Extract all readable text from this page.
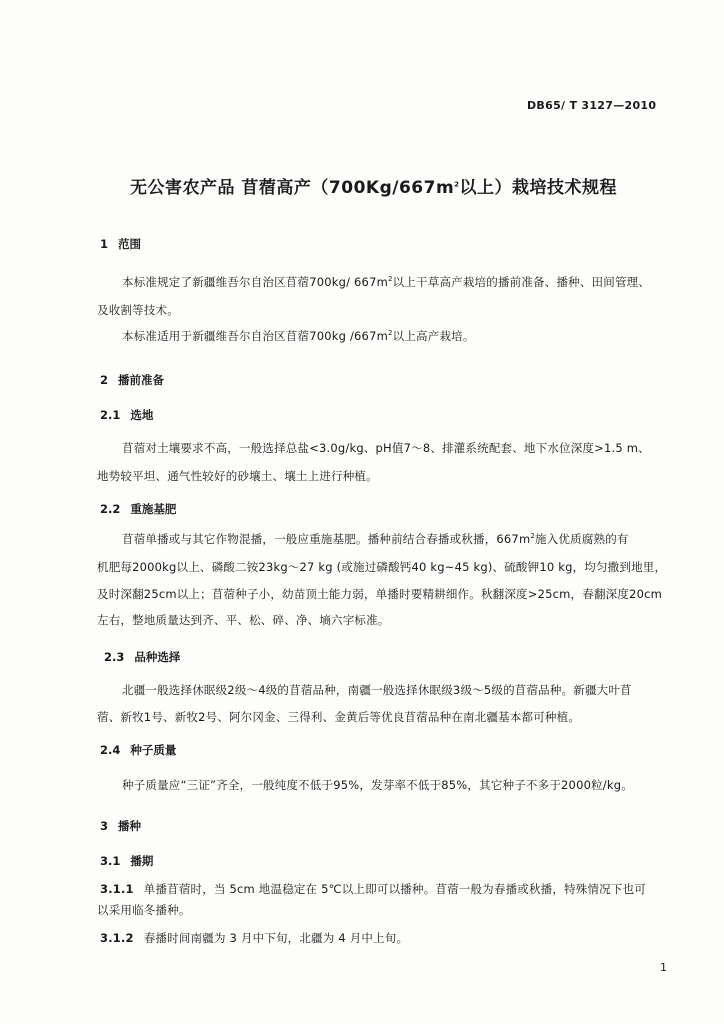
DB65/ T 3127—2010
无公害农产品 苜蓿高产（$700Kg/667m^2$以上）栽培技术规程
1 范围
本标准规定了新疆维吾尔自治区苜蓿700kg/ $667m^2$以上干草高产栽培的播前准备、播种、田间管理、
及收割等技术。
本标准适用于新疆维吾尔自治区苜蓿700kg $/667m^2$以上高产栽培。
2 播前准备
2.1 选地
苜蓿对土壤要求不高，一般选择总盐<3.0g/kg、pH值7～8、排灌系统配套、地下水位深度>1.5 m、
地势较平坦、通气性较好的砂壤土、壤土上进行种植。
2.2 重施基肥
苜蓿单播或与其它作物混播，一般应重施基肥。播种前结合春播或秋播，$667m^2$施入优质腐熟的有
机肥每2000kg以上、磷酸二铵23kg～27 kg (或施过磷酸钙40 kg~45 kg)、硫酸钾10 kg，均匀撒到地里，
及时深翻25cm以上；苜蓿种子小，幼苗顶土能力弱，单播时要精耕细作。秋翻深度>25cm，春翻深度20cm
左右，整地质量达到齐、平、松、碎、净、墒六字标准。
2.3 品种选择
北疆一般选择休眠级2级～4级的苜蓿品种，南疆一般选择休眠级3级～5级的苜蓿品种。新疆大叶苜
蓿、新牧1号、新牧2号、阿尔冈金、三得利、金黄后等优良苜蓿品种在南北疆基本都可种植。
2.4 种子质量
种子质量应“三证”齐全，一般纯度不低于95%，发芽率不低于85%，其它种子不多于2000粒/kg。
3 播种
3.1 播期
3.1.1 单播苜蓿时，当 5cm 地温稳定在 5℃以上即可以播种。苜蓿一般为春播或秋播，特殊情况下也可
以采用临冬播种。
3.1.2 春播时间南疆为 3 月中下旬，北疆为 4 月中上旬。
1
